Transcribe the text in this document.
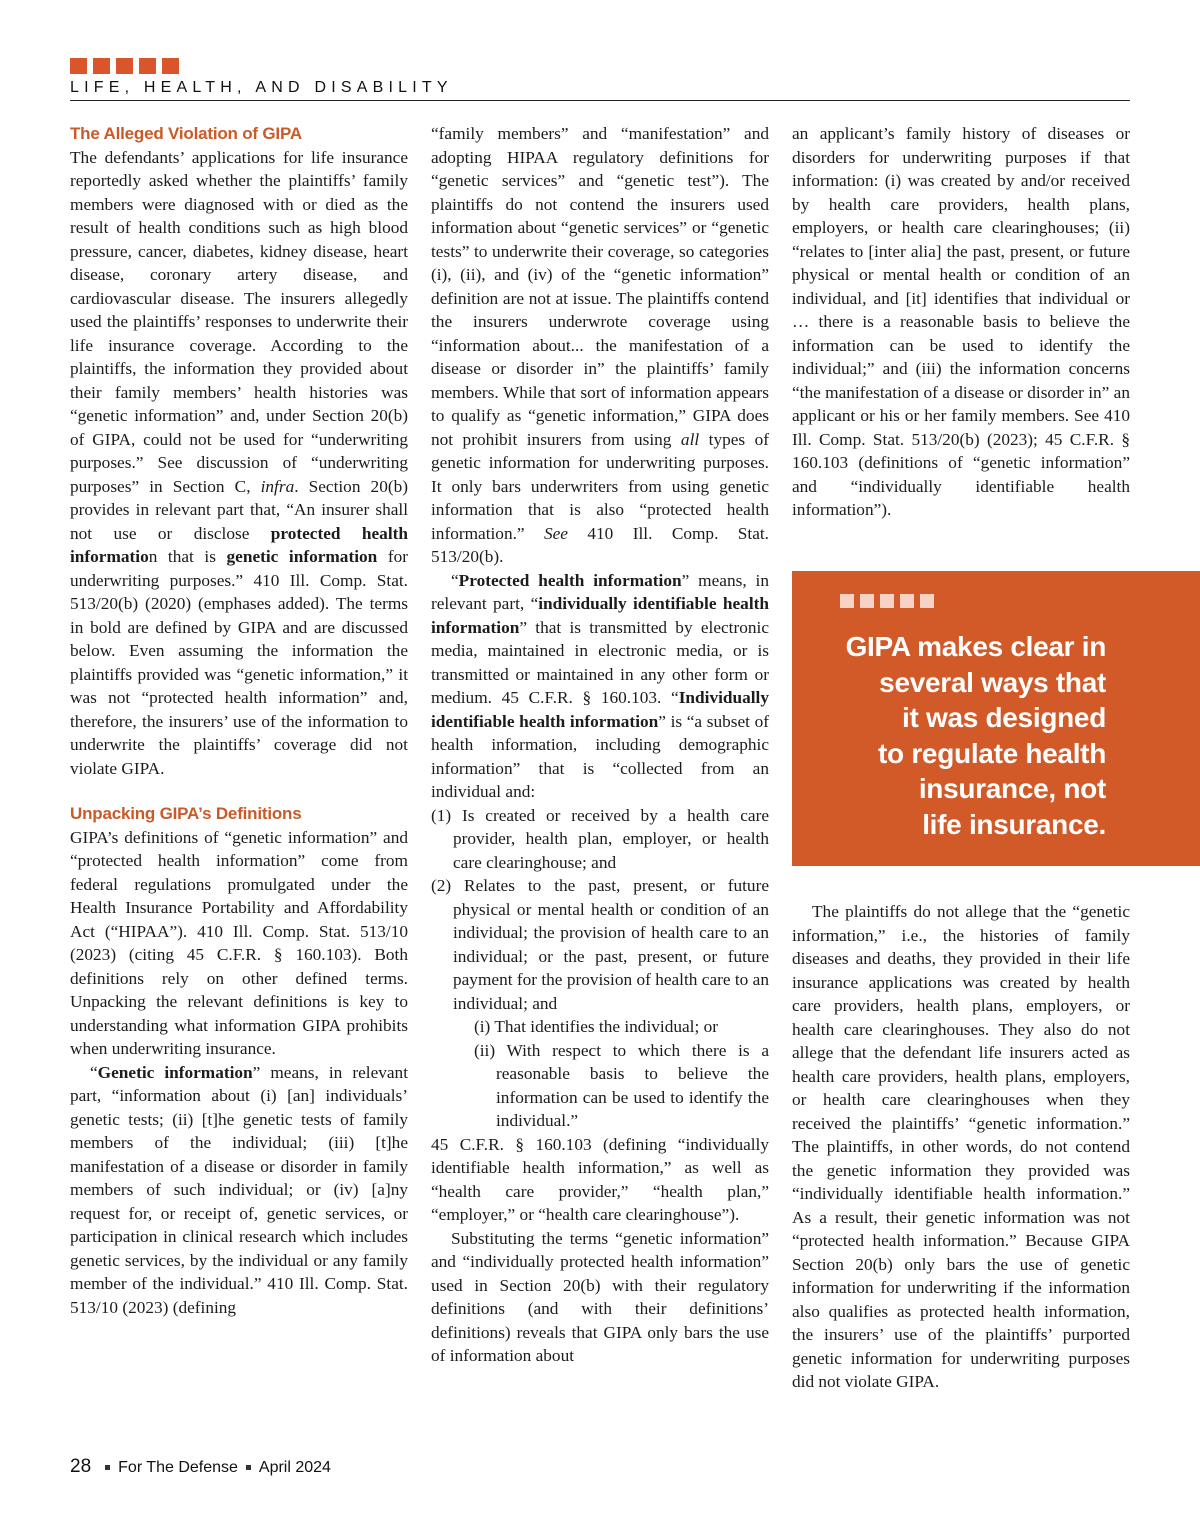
LIFE, HEALTH, AND DISABILITY
The Alleged Violation of GIPA

The defendants’ applications for life insurance reportedly asked whether the plaintiffs’ family members were diagnosed with or died as the result of health conditions such as high blood pressure, cancer, diabetes, kidney disease, heart disease, coronary artery disease, and cardiovascular disease. The insurers allegedly used the plaintiffs’ responses to underwrite their life insurance coverage. According to the plaintiffs, the information they provided about their family members’ health histories was “genetic information” and, under Section 20(b) of GIPA, could not be used for “underwriting purposes.” See discussion of “underwriting purposes” in Section C, infra. Section 20(b) provides in relevant part that, “An insurer shall not use or disclose protected health information that is genetic information for underwriting purposes.” 410 Ill. Comp. Stat. 513/20(b) (2020) (emphases added). The terms in bold are defined by GIPA and are discussed below. Even assuming the information the plaintiffs provided was “genetic information,” it was not “protected health information” and, therefore, the insurers’ use of the information to underwrite the plaintiffs’ coverage did not violate GIPA.

Unpacking GIPA’s Definitions

GIPA’s definitions of “genetic information” and “protected health information” come from federal regulations promulgated under the Health Insurance Portability and Affordability Act (“HIPAA”). 410 Ill. Comp. Stat. 513/10 (2023) (citing 45 C.F.R. § 160.103). Both definitions rely on other defined terms. Unpacking the relevant definitions is key to understanding what information GIPA prohibits when underwriting insurance.

“Genetic information” means, in relevant part, “information about (i) [an] individuals’ genetic tests; (ii) [t]he genetic tests of family members of the individual; (iii) [t]he manifestation of a disease or disorder in family members of such individual; or (iv) [a]ny request for, or receipt of, genetic services, or participation in clinical research which includes genetic services, by the individual or any family member of the individual.” 410 Ill. Comp. Stat. 513/10 (2023) (defining

“family members” and “manifestation” and adopting HIPAA regulatory definitions for “genetic services” and “genetic test”). The plaintiffs do not contend the insurers used information about “genetic services” or “genetic tests” to underwrite their coverage, so categories (i), (ii), and (iv) of the “genetic information” definition are not at issue. The plaintiffs contend the insurers underwrote coverage using “information about... the manifestation of a disease or disorder in” the plaintiffs’ family members. While that sort of information appears to qualify as “genetic information,” GIPA does not prohibit insurers from using all types of genetic information for underwriting purposes. It only bars underwriters from using genetic information that is also “protected health information.” See 410 Ill. Comp. Stat. 513/20(b).

“Protected health information” means, in relevant part, “individually identifiable health information” that is transmitted by electronic media, maintained in electronic media, or is transmitted or maintained in any other form or medium. 45 C.F.R. § 160.103. “Individually identifiable health information” is “a subset of health information, including demographic information” that is “collected from an individual and:

(1) Is created or received by a health care provider, health plan, employer, or health care clearinghouse; and

(2) Relates to the past, present, or future physical or mental health or condition of an individual; the provision of health care to an individual; or the past, present, or future payment for the provision of health care to an individual; and

(i) That identifies the individual; or

(ii) With respect to which there is a reasonable basis to believe the information can be used to identify the individual.”

45 C.F.R. § 160.103 (defining “individually identifiable health information,” as well as “health care provider,” “health plan,” “employer,” or “health care clearinghouse”).

Substituting the terms “genetic information” and “individually protected health information” used in Section 20(b) with their regulatory definitions (and with their definitions’ definitions) reveals that GIPA only bars the use of information about

an applicant’s family history of diseases or disorders for underwriting purposes if that information: (i) was created by and/or received by health care providers, health plans, employers, or health care clearinghouses; (ii) “relates to [inter alia] the past, present, or future physical or mental health or condition of an individual, and [it] identifies that individual or … there is a reasonable basis to believe the information can be used to identify the individual;” and (iii) the information concerns “the manifestation of a disease or disorder in” an applicant or his or her family members. See 410 Ill. Comp. Stat. 513/20(b) (2023); 45 C.F.R. § 160.103 (definitions of “genetic information” and “individually identifiable health information”).

GIPA makes clear in
several ways that
it was designed
to regulate health
insurance, not
life insurance.

The plaintiffs do not allege that the “genetic information,” i.e., the histories of family diseases and deaths, they provided in their life insurance applications was created by health care providers, health plans, employers, or health care clearinghouses. They also do not allege that the defendant life insurers acted as health care providers, health plans, employers, or health care clearinghouses when they received the plaintiffs’ “genetic information.” The plaintiffs, in other words, do not contend the genetic information they provided was “individually identifiable health information.” As a result, their genetic information was not “protected health information.” Because GIPA Section 20(b) only bars the use of genetic information for underwriting if the information also qualifies as protected health information, the insurers’ use of the plaintiffs’ purported genetic information for underwriting purposes did not violate GIPA.

28 For The Defense April 2024
